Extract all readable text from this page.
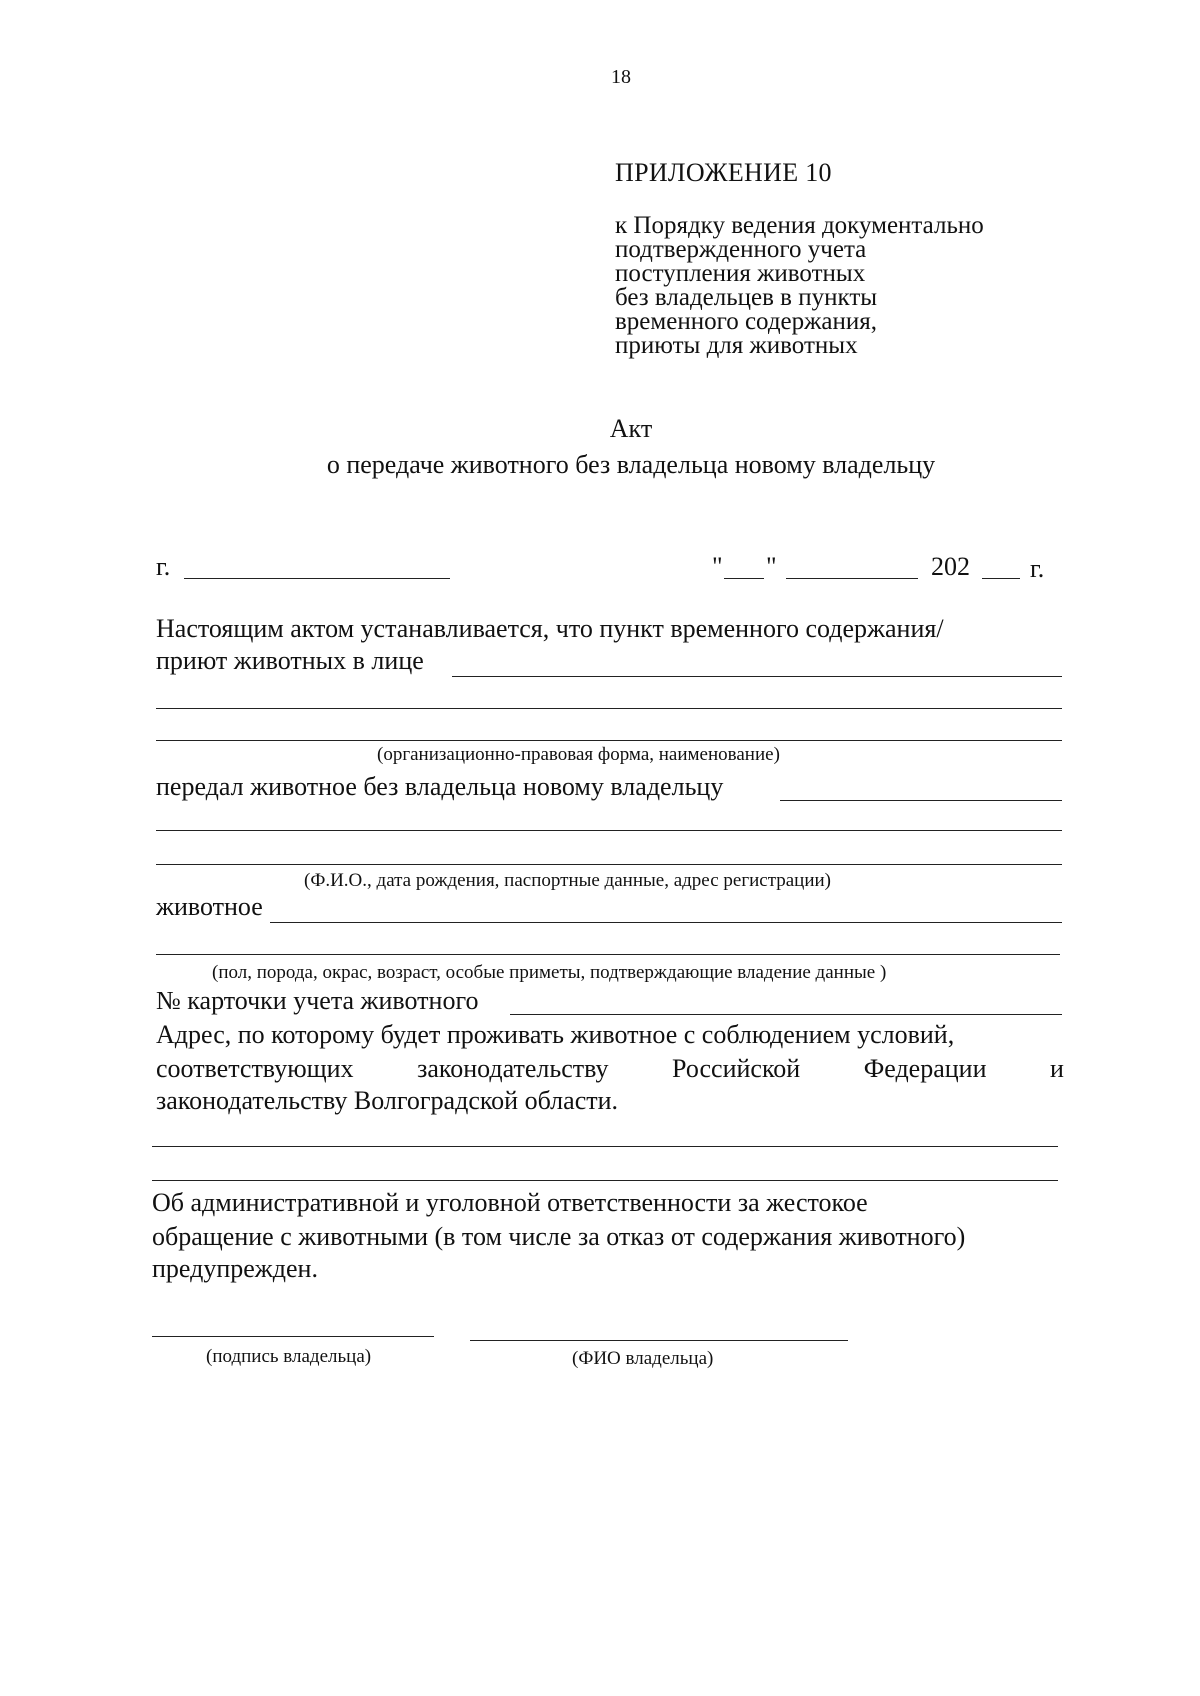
18
ПРИЛОЖЕНИЕ 10
к Порядку ведения документально
подтвержденного учета
поступления животных
без владельцев в пункты
временного содержания,
приюты для животных
Акт
о передаче животного без владельца новому владельцу
г.	" "	202 г.
Настоящим актом устанавливается, что пункт временного содержания/
приют животных в лице
(организационно-правовая форма, наименование)
передал животное без владельца новому владельцу
(Ф.И.О., дата рождения, паспортные данные, адрес регистрации)
животное
(пол, порода, окрас, возраст, особые приметы, подтверждающие владение данные )
№ карточки учета животного
Адрес, по которому будет проживать животное с соблюдением условий,
соответствующих законодательству Российской Федерации и
законодательству Волгоградской области.
Об административной и уголовной ответственности за жестокое
обращение с животными (в том числе за отказ от содержания животного)
предупрежден.
(подпись владельца)	(ФИО владельца)
